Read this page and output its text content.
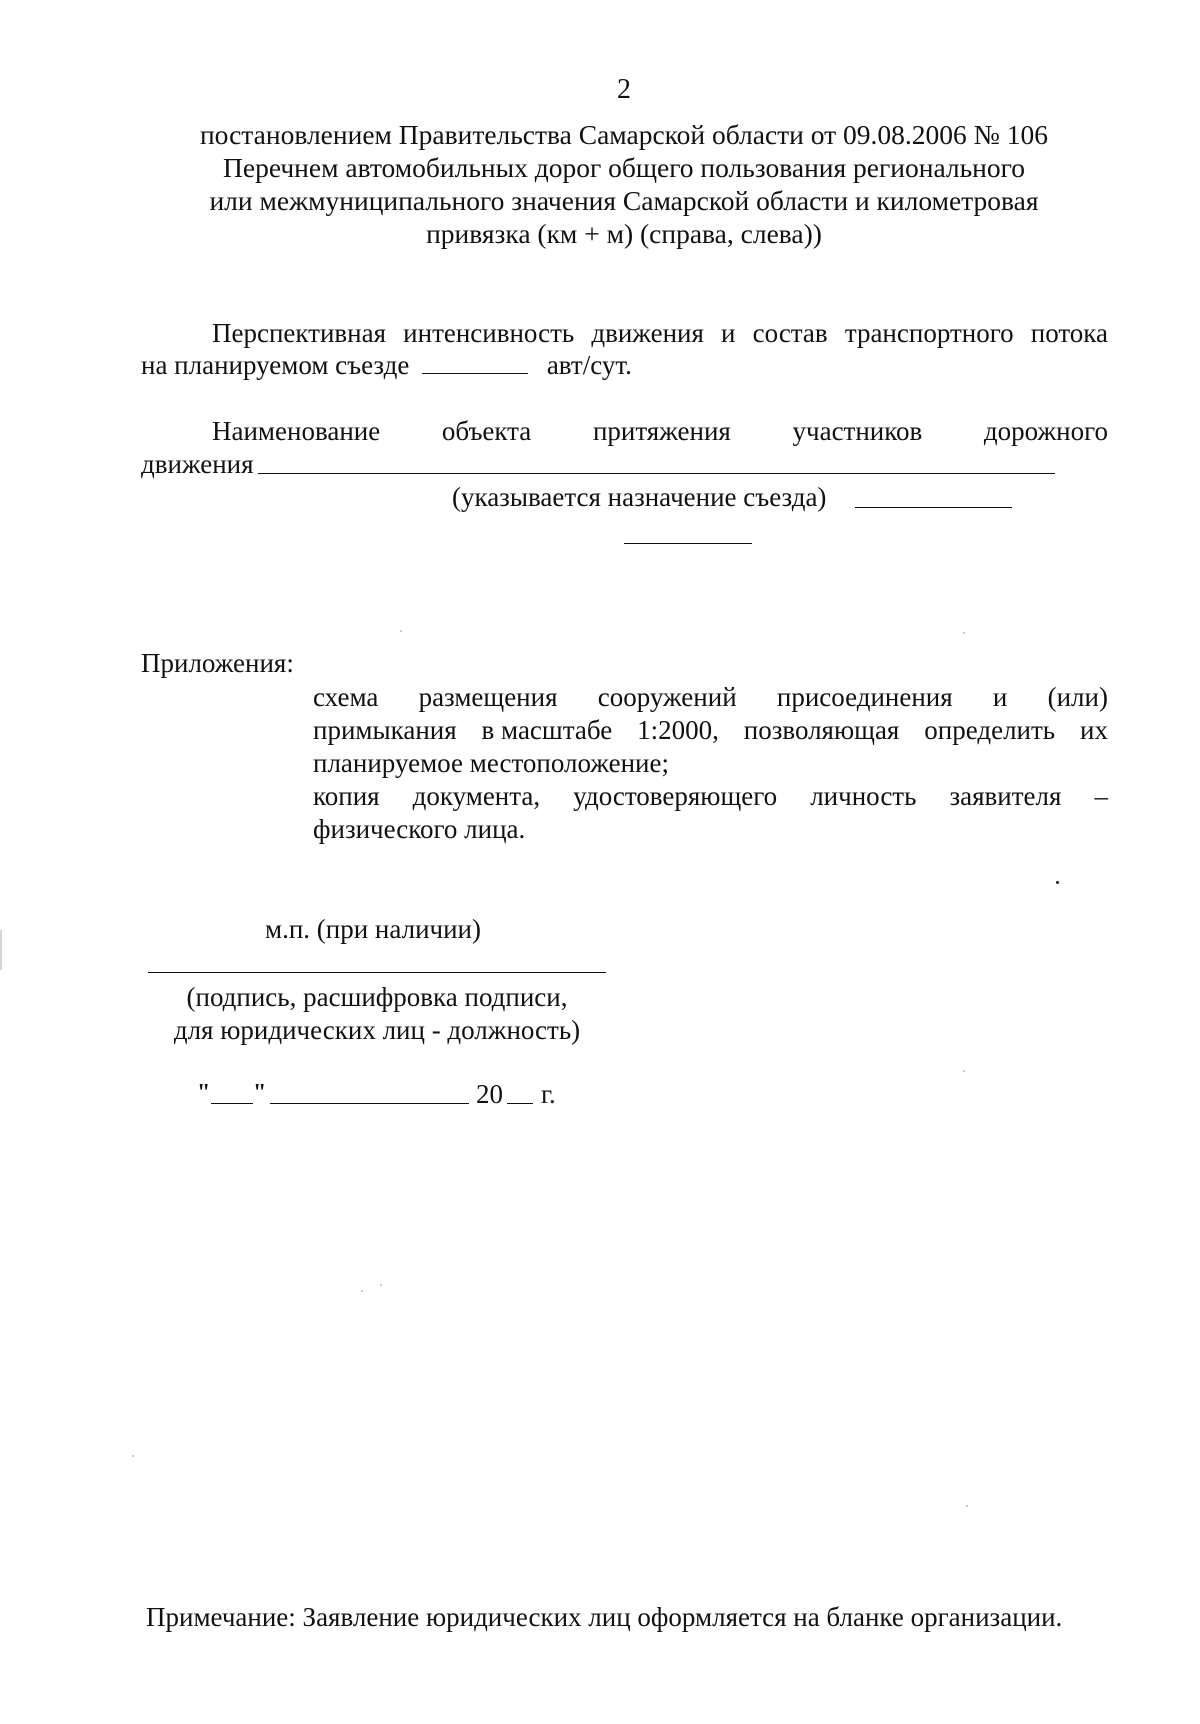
2
постановлением Правительства Самарской области от 09.08.2006 № 106
Перечнем автомобильных дорог общего пользования регионального
или межмуниципального значения Самарской области и километровая
привязка (км + м) (справа, слева))
Перспективная интенсивность движения и состав транспортного потока
на планируемом съезде	авт/сут.
Наименование объекта притяжения участников дорожного
движения
(указывается назначение съезда)
Приложения:
схема размещения сооружений присоединения и (или)
примыкания в масштабе 1:2000, позволяющая определить их
планируемое местоположение;
копия документа, удостоверяющего личность заявителя –
физического лица.
м.п. (при наличии)
(подпись, расшифровка подписи,
для юридических лиц - должность)
" "	20 г.
Примечание: Заявление юридических лиц оформляется на бланке организации.
